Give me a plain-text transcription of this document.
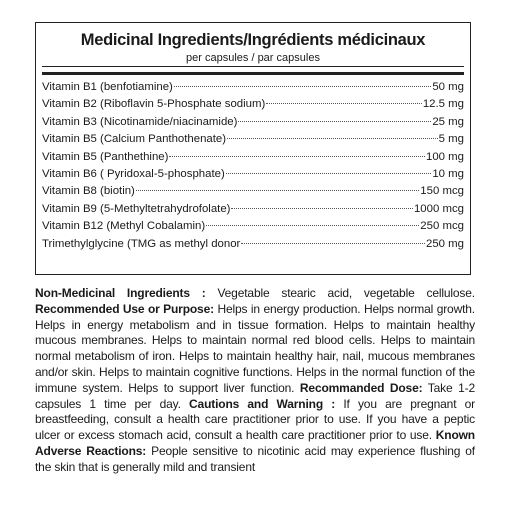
Medicinal Ingredients/Ingrédients médicinaux
per capsules / par capsules
Vitamin B1 (benfotiamine)	50 mg
Vitamin B2 (Riboflavin 5-Phosphate sodium)	12.5 mg
Vitamin B3 (Nicotinamide/niacinamide)	25 mg
Vitamin B5 (Calcium Panthothenate)	5 mg
Vitamin B5 (Panthethine)	100 mg
Vitamin B6 ( Pyridoxal-5-phosphate)	10 mg
Vitamin B8 (biotin)	150 mcg
Vitamin B9 (5-Methyltetrahydrofolate)	1000 mcg
Vitamin B12 (Methyl Cobalamin)	250 mcg
Trimethylglycine (TMG as methyl donor	250 mg

Non-Medicinal Ingredients : Vegetable stearic acid, vegetable cellulose. Recommended Use or Purpose: Helps in energy production. Helps normal growth. Helps in energy metabolism and in tissue formation. Helps to maintain healthy mucous membranes. Helps to maintain normal red blood cells. Helps to maintain normal metabolism of iron. Helps to maintain healthy hair, nail, mucous membranes and/or skin. Helps to maintain cognitive functions. Helps in the normal function of the immune system. Helps to support liver function. Recommanded Dose: Take 1-2 capsules 1 time per day. Cautions and Warning : If you are pregnant or breastfeeding, consult a health care practitioner prior to use. If you have a peptic ulcer or excess stomach acid, consult a health care practitioner prior to use. Known Adverse Reactions: People sensitive to nicotinic acid may experience flushing of the skin that is generally mild and transient
